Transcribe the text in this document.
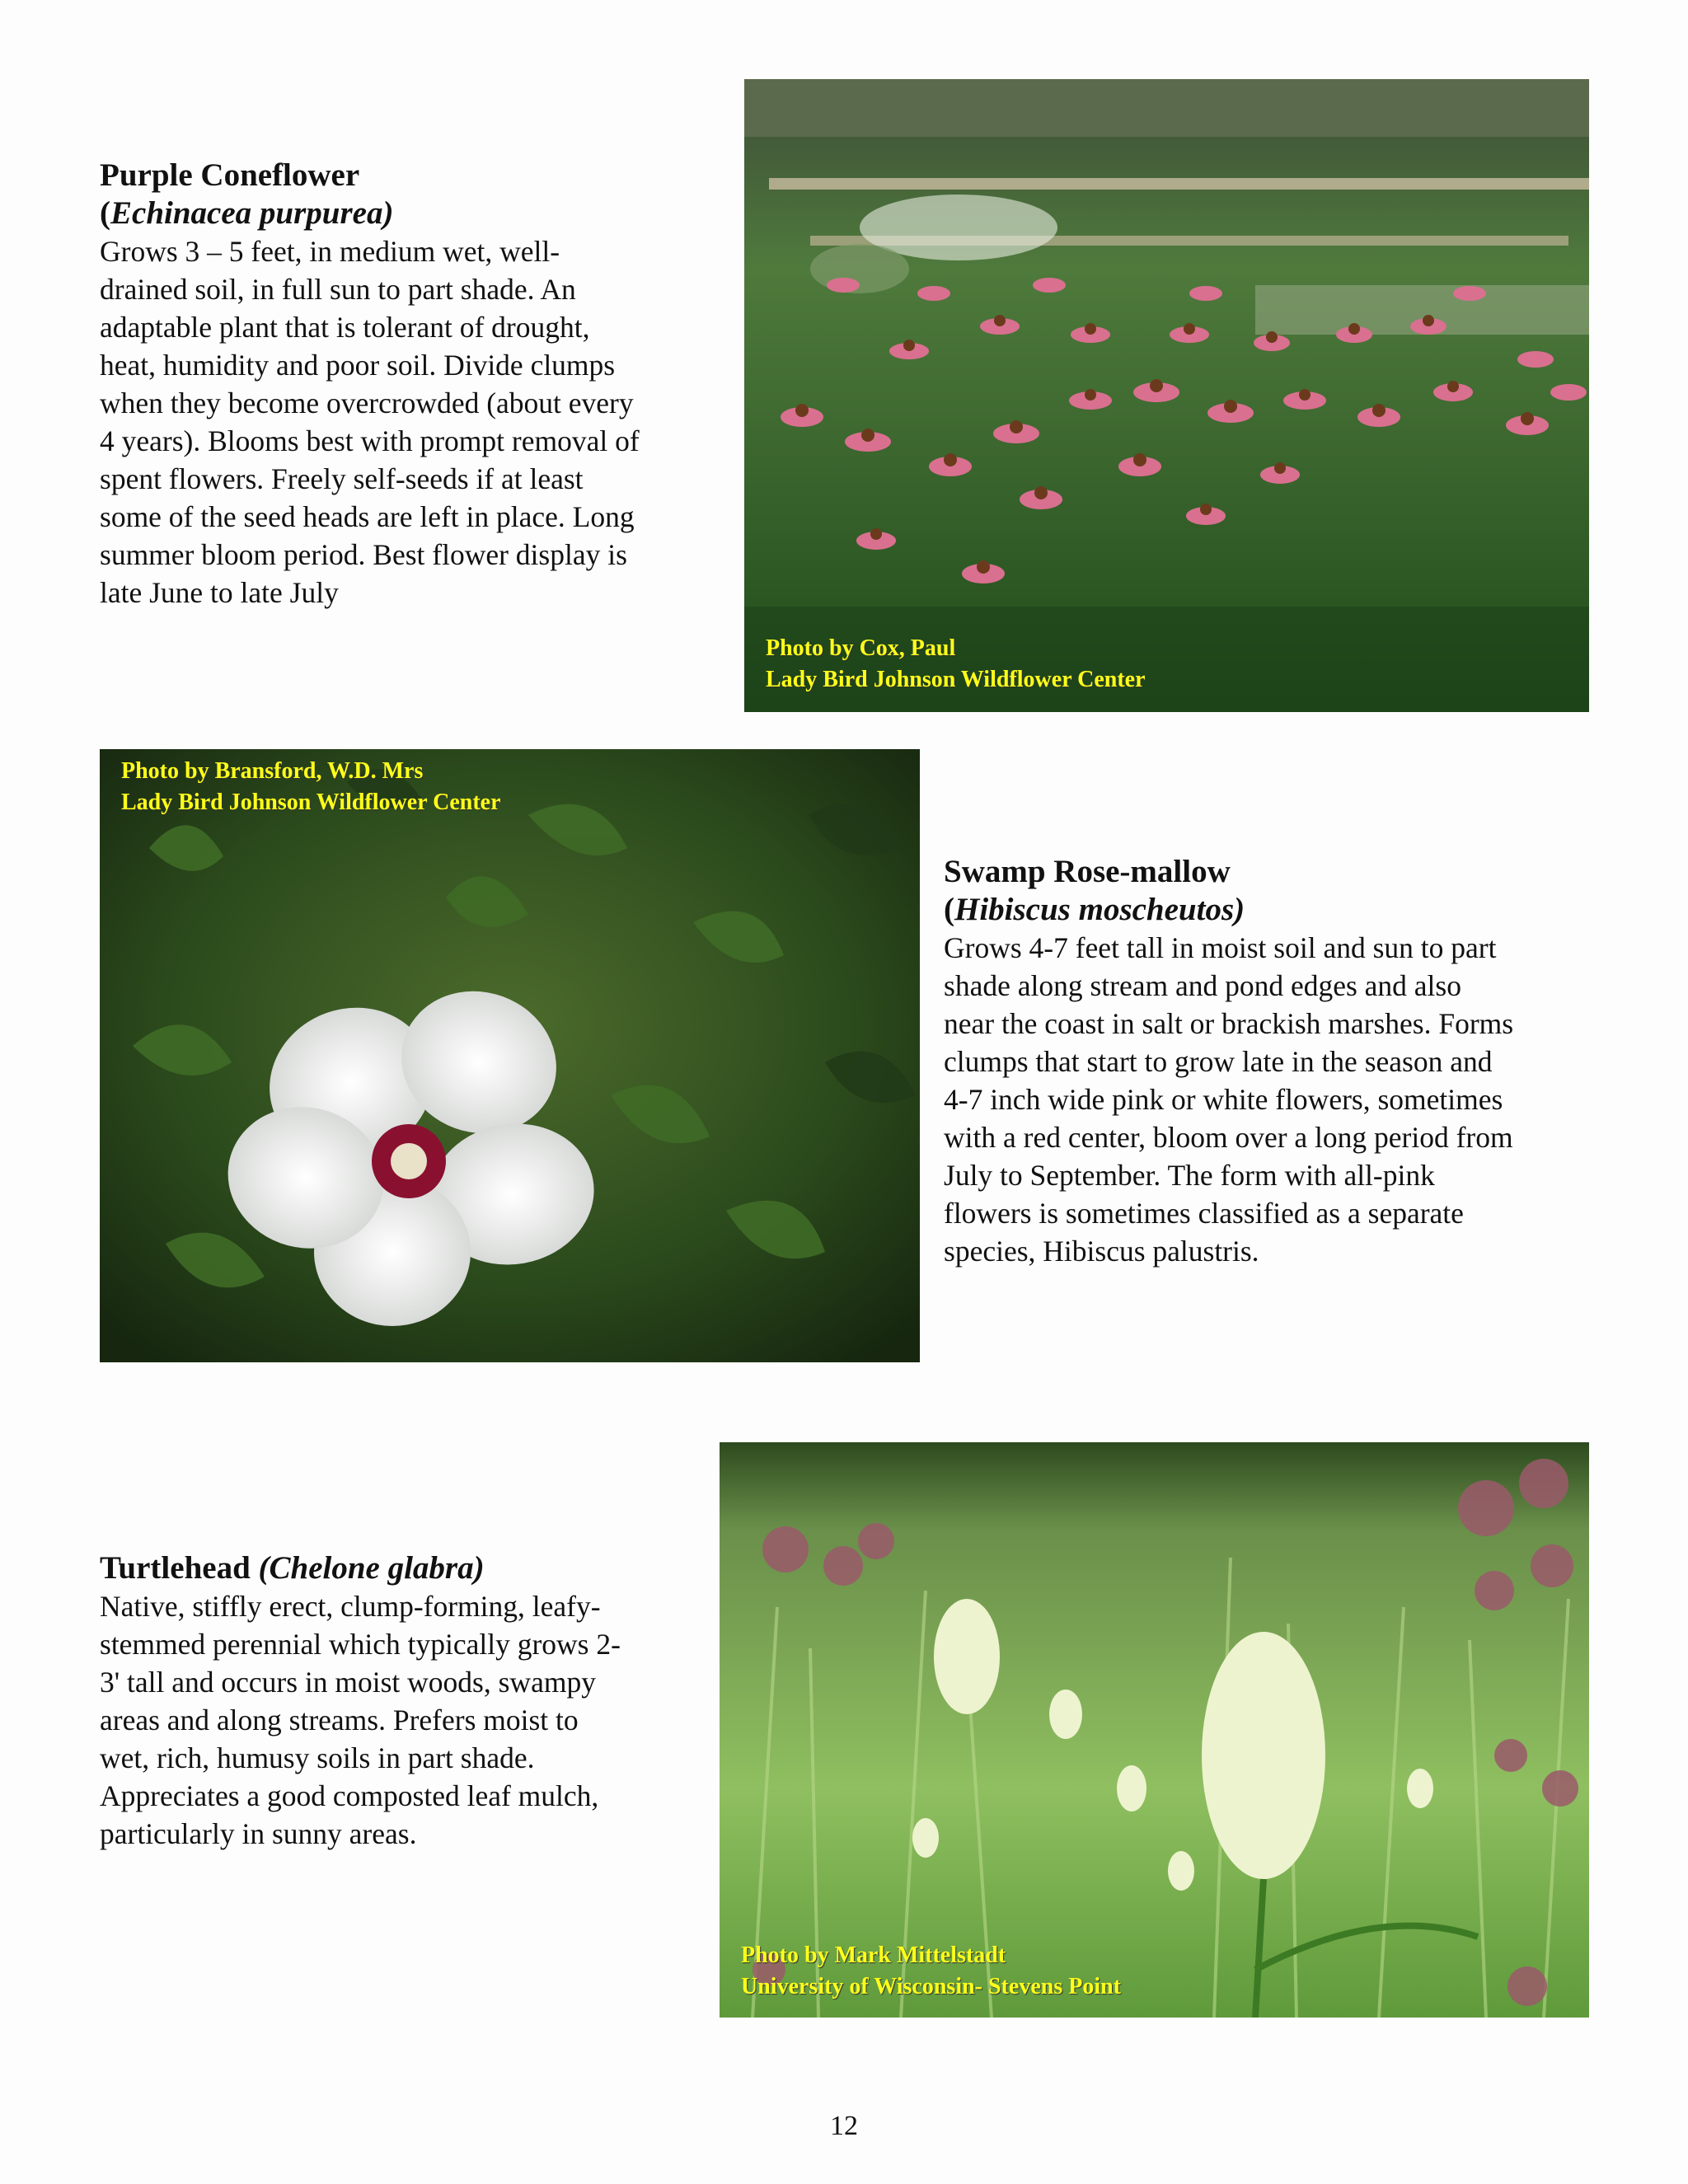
Purple Coneflower

(Echinacea purpurea)

Grows 3 – 5 feet, in medium wet, well-
drained soil, in full sun to part shade. An
adaptable plant that is tolerant of drought,
heat, humidity and poor soil. Divide clumps
when they become overcrowded (about every
4 years). Blooms best with prompt removal of
spent flowers. Freely self-seeds if at least
some of the seed heads are left in place. Long
summer bloom period. Best flower display is
late June to late July

Photo by Cox, Paul
Lady Bird Johnson Wildflower Center
Photo by Bransford, W.D. Mrs
Lady Bird Johnson Wildflower Center

Swamp Rose-mallow

(Hibiscus moscheutos)

Grows 4-7 feet tall in moist soil and sun to part
shade along stream and pond edges and also
near the coast in salt or brackish marshes. Forms
clumps that start to grow late in the season and
4-7 inch wide pink or white flowers, sometimes
with a red center, bloom over a long period from
July to September. The form with all-pink
flowers is sometimes classified as a separate
species, Hibiscus palustris.

Turtlehead (Chelone glabra)

Native, stiffly erect, clump-forming, leafy-
stemmed perennial which typically grows 2-
3' tall and occurs in moist woods, swampy
areas and along streams. Prefers moist to
wet, rich, humusy soils in part shade.
Appreciates a good composted leaf mulch,
particularly in sunny areas.

Photo by Mark Mittelstadt
University of Wisconsin- Stevens Point
12
